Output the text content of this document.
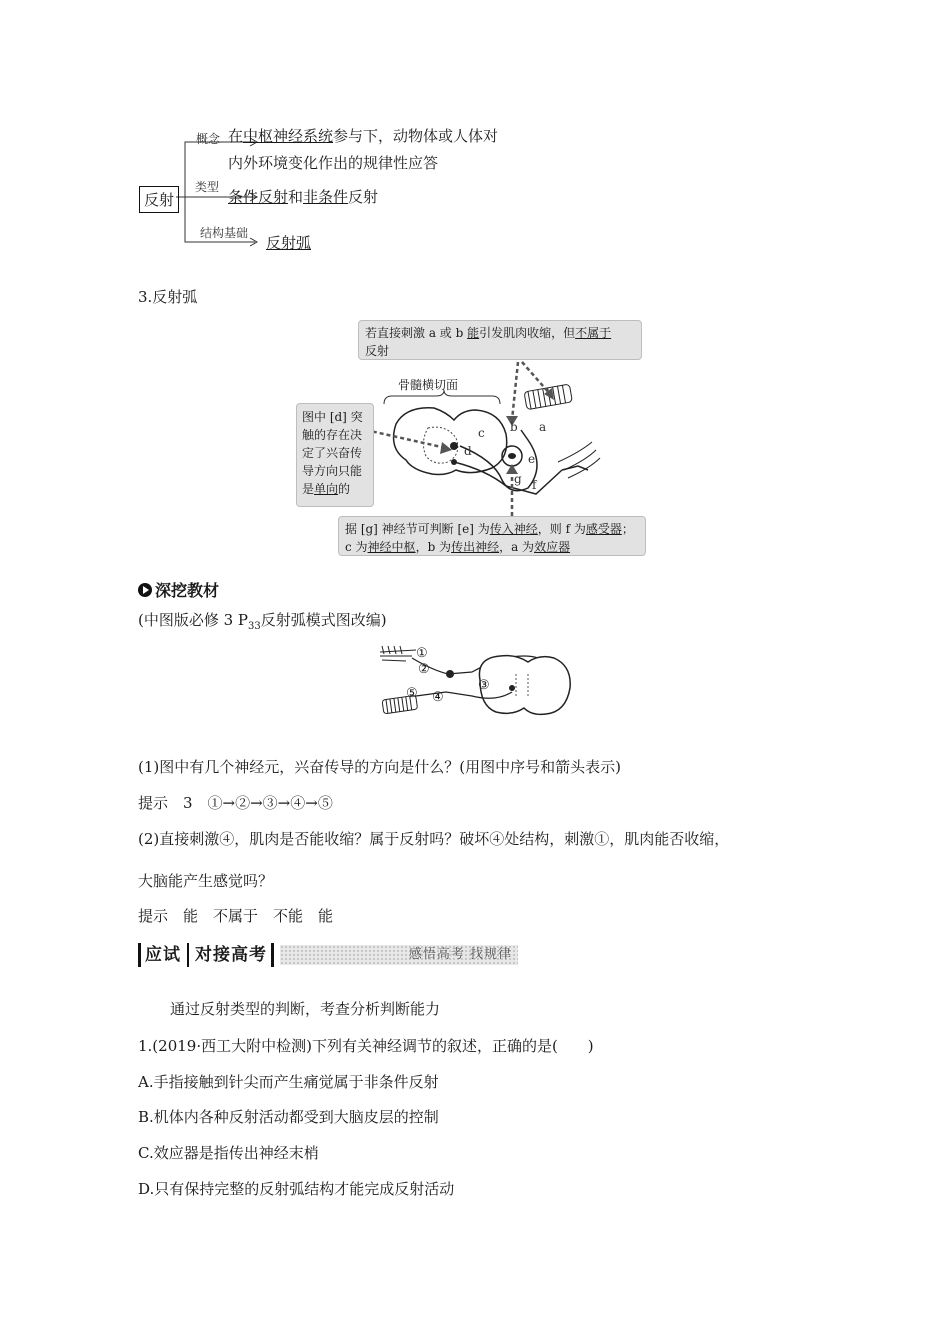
反射
概念 在中枢神经系统参与下，动物体或人体对
内外环境变化作出的规律性应答
类型
条件反射和非条件反射
结构基础
反射弧
3.反射弧
若直接刺激 a 或 b 能引发肌肉收缩，但不属于
反射
骨髓横切面
图中 [d] 突
触的存在决
定了兴奋传
导方向只能
是单向的
a
b
c
d
e
f
g
据 [g] 神经节可判断 [e] 为传入神经，则 f 为感受器；
c 为神经中枢，b 为传出神经，a 为效应器
深挖教材
(中图版必修 3 $P_{33}$反射弧模式图改编)
①
②
③
④
⑤
(1)图中有几个神经元，兴奋传导的方向是什么？(用图中序号和箭头表示)
提示　3　①→②→③→④→⑤
(2)直接刺激④，肌肉是否能收缩？属于反射吗？破坏④处结构，刺激①，肌肉能否收缩，
大脑能产生感觉吗？
提示　能　不属于　不能　能
应试 对接高考	感悟高考 找规律
通过反射类型的判断，考查分析判断能力
1.(2019·西工大附中检测)下列有关神经调节的叙述，正确的是(　　)
A.手指接触到针尖而产生痛觉属于非条件反射
B.机体内各种反射活动都受到大脑皮层的控制
C.效应器是指传出神经末梢
D.只有保持完整的反射弧结构才能完成反射活动
